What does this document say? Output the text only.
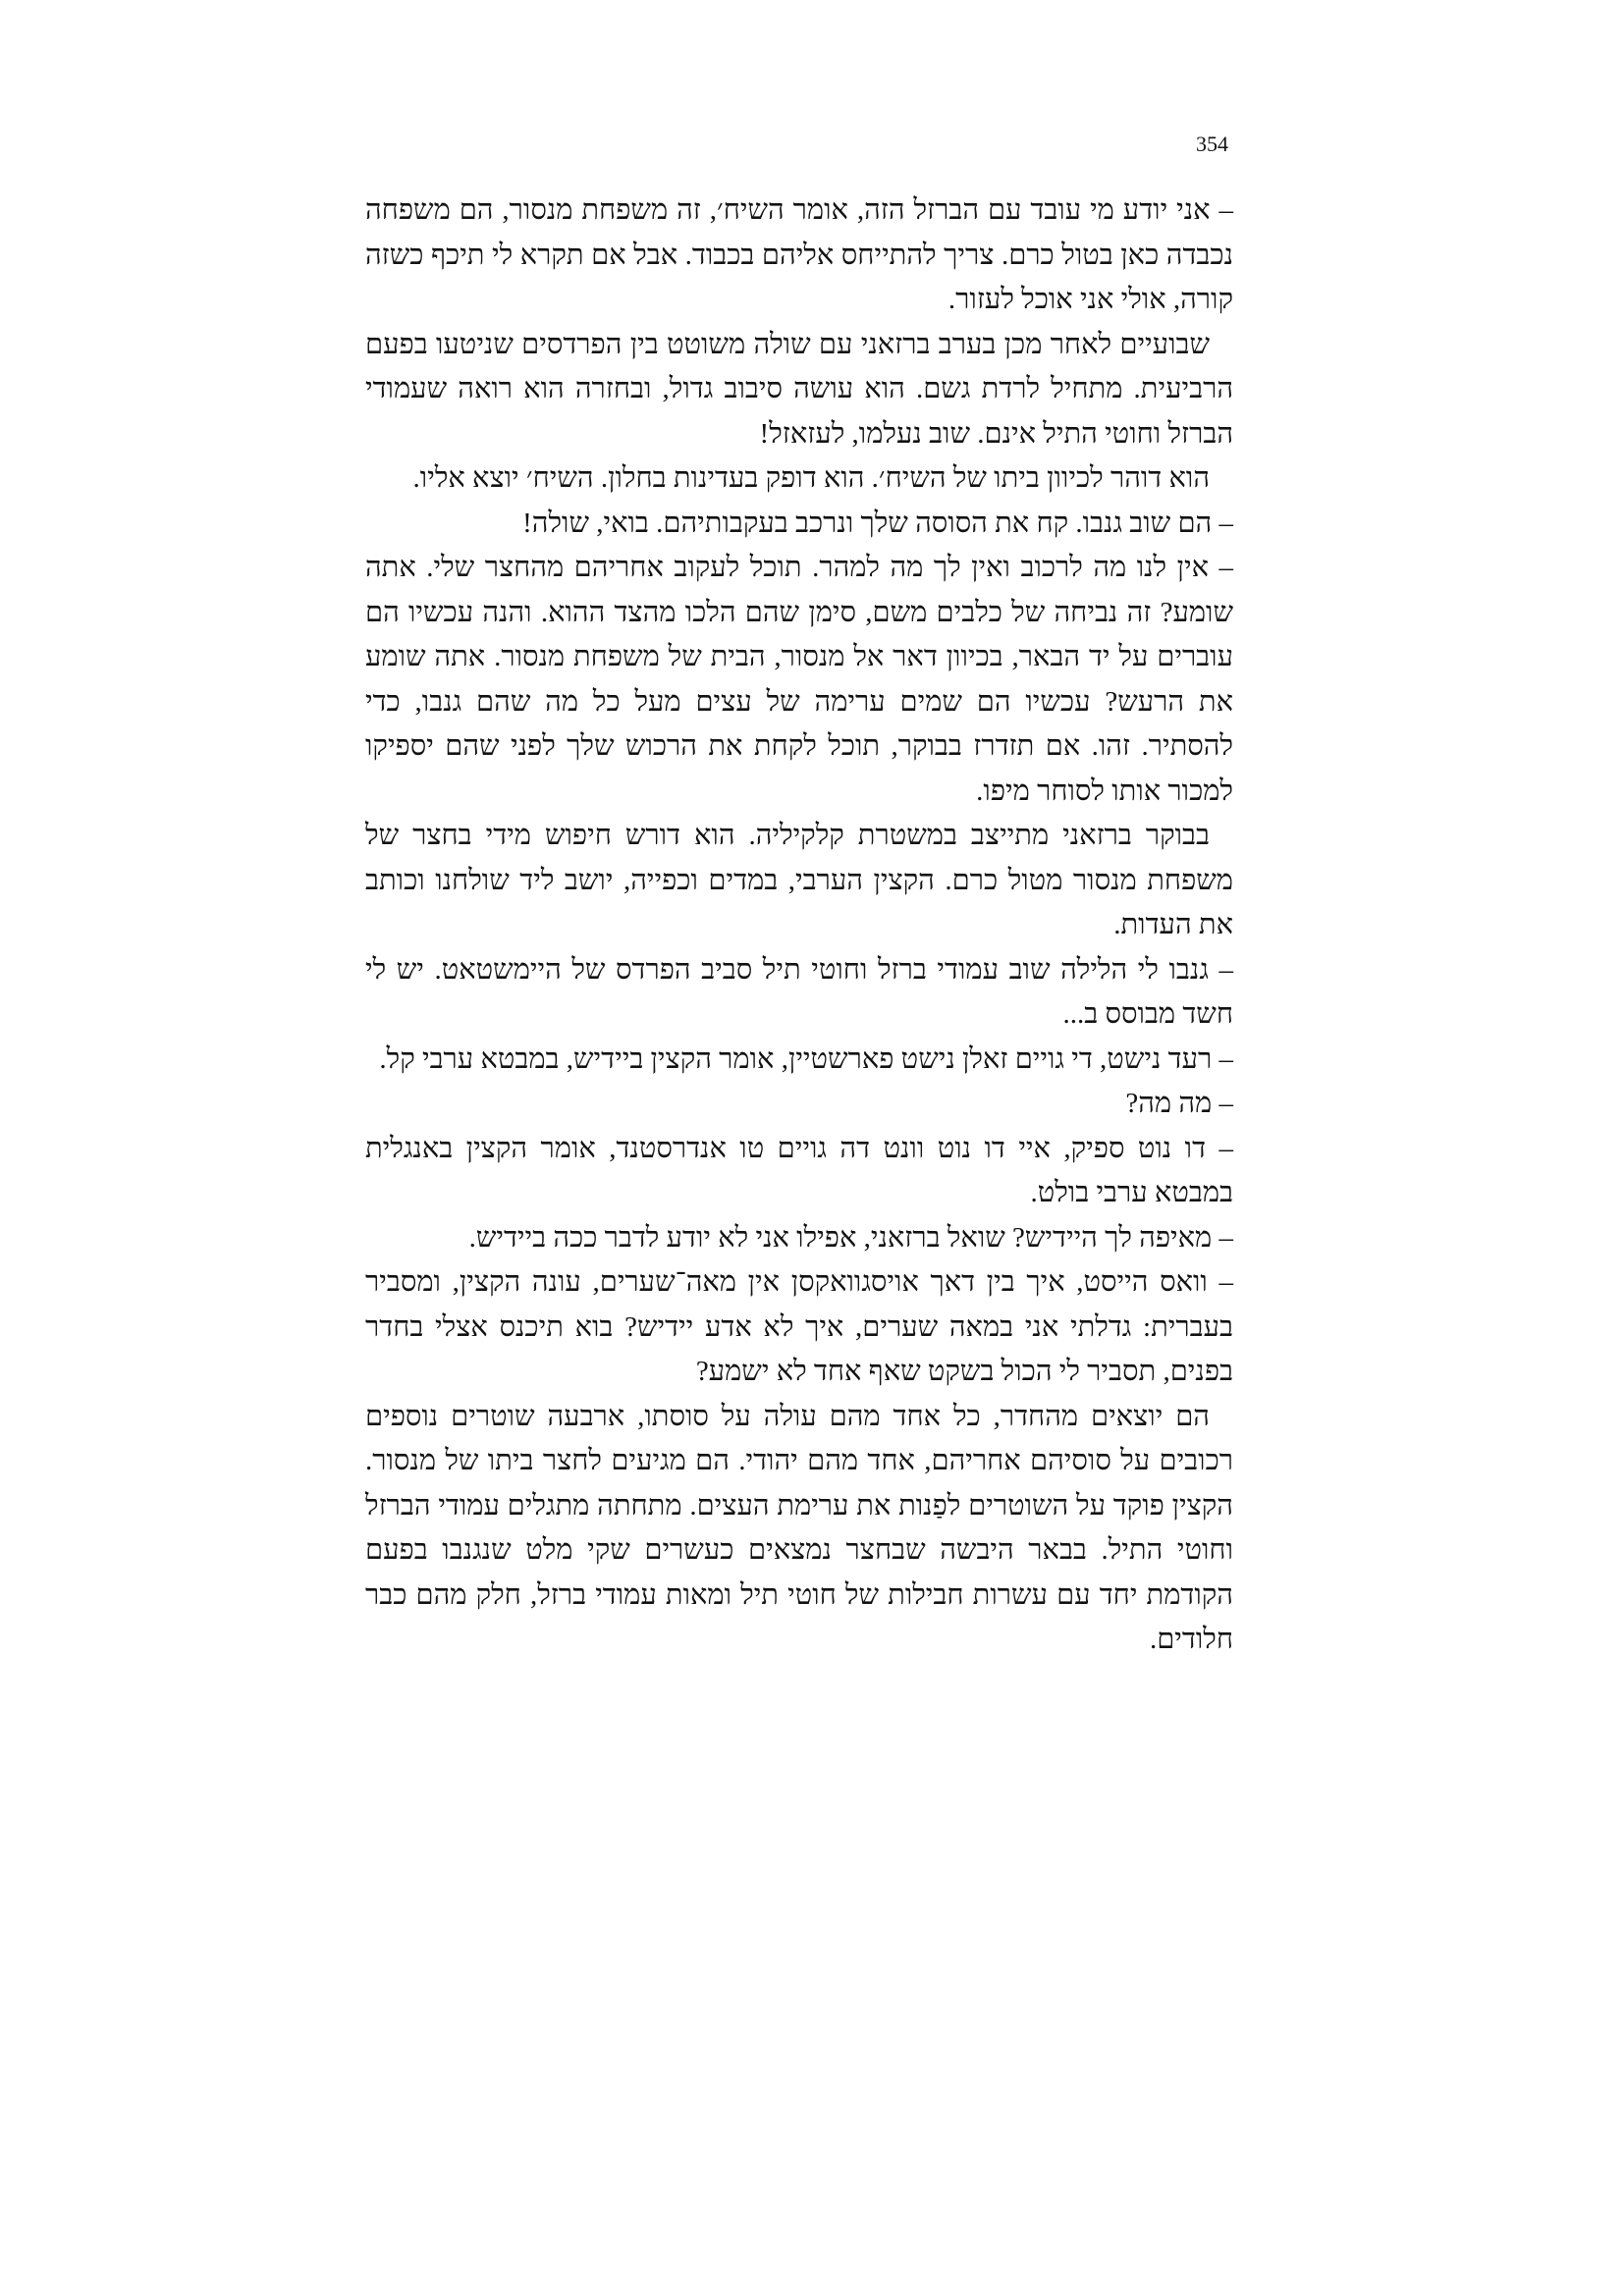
354

– אני יודע מי עובד עם הברזל הזה, אומר השיח׳, זה משפחת מנסור, הם משפחה נכבדה כאן בטול כרם. צריך להתייחס אליהם בכבוד. אבל אם תקרא לי תיכף כשזה קורה, אולי אני אוכל לעזור.

שבועיים לאחר מכן בערב ברזאני עם שולה משוטט בין הפרדסים שניטעו בפעם הרביעית. מתחיל לרדת גשם. הוא עושה סיבוב גדול, ובחזרה הוא רואה שעמודי הברזל וחוטי התיל אינם. שוב נעלמו, לעזאזל!

הוא דוהר לכיוון ביתו של השיח׳. הוא דופק בעדינות בחלון. השיח׳ יוצא אליו.

– הם שוב גנבו. קח את הסוסה שלך ונרכב בעקבותיהם. בואי, שולה!

– אין לנו מה לרכוב ואין לך מה למהר. תוכל לעקוב אחריהם מהחצר שלי. אתה שומע? זה נביחה של כלבים משם, סימן שהם הלכו מהצד ההוא. והנה עכשיו הם עוברים על יד הבאר, בכיוון דאר אל מנסור, הבית של משפחת מנסור. אתה שומע את הרעש? עכשיו הם שמים ערימה של עצים מעל כל מה שהם גנבו, כדי להסתיר. זהו. אם תזדרז בבוקר, תוכל לקחת את הרכוש שלך לפני שהם יספיקו למכור אותו לסוחר מיפו.

בבוקר ברזאני מתייצב במשטרת קלקיליה. הוא דורש חיפוש מידי בחצר של משפחת מנסור מטול כרם. הקצין הערבי, במדים וכפייה, יושב ליד שולחנו וכותב את העדות.

– גנבו לי הלילה שוב עמודי ברזל וחוטי תיל סביב הפרדס של היימשטאט. יש לי חשד מבוסס ב...

– רעד נישט, די גויים זאלן נישט פארשטיין, אומר הקצין ביידיש, במבטא ערבי קל.

– מה מה?

– דו נוט ספיק, איי דו נוט וונט דה גויים טו אנדרסטנד, אומר הקצין באנגלית במבטא ערבי בולט.

– מאיפה לך היידיש? שואל ברזאני, אפילו אני לא יודע לדבר ככה ביידיש.

– וואס הייסט, איך בין דאך אויסגוואקסן אין מאה־שערים, עונה הקצין, ומסביר בעברית: גדלתי אני במאה שערים, איך לא אדע יידיש? בוא תיכנס אצלי בחדר בפנים, תסביר לי הכול בשקט שאף אחד לא ישמע?

הם יוצאים מהחדר, כל אחד מהם עולה על סוסתו, ארבעה שוטרים נוספים רכובים על סוסיהם אחריהם, אחד מהם יהודי. הם מגיעים לחצר ביתו של מנסור. הקצין פוקד על השוטרים לפַנות את ערימת העצים. מתחתה מתגלים עמודי הברזל וחוטי התיל. בבאר היבשה שבחצר נמצאים כעשרים שקי מלט שנגנבו בפעם הקודמת יחד עם עשרות חבילות של חוטי תיל ומאות עמודי ברזל, חלק מהם כבר חלודים.
